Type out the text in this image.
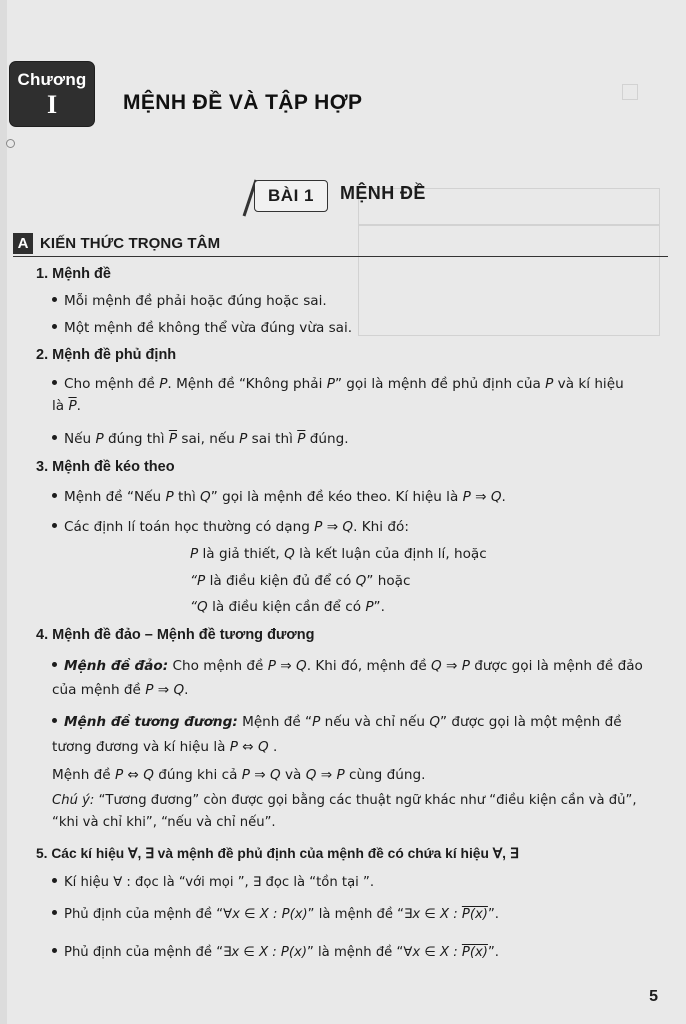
Chương
I	MỆNH ĐỀ VÀ TẬP HỢP
BÀI 1	MỆNH ĐỀ
A KIẾN THỨC TRỌNG TÂM
1. Mệnh đề
Mỗi mệnh đề phải hoặc đúng hoặc sai.
Một mệnh đề không thể vừa đúng vừa sai.
2. Mệnh đề phủ định
Cho mệnh đề P. Mệnh đề “Không phải P” gọi là mệnh đề phủ định của P và kí hiệu
là $\overline{P}$.
Nếu P đúng thì $\overline{P}$ sai, nếu P sai thì $\overline{P}$ đúng.
3. Mệnh đề kéo theo
Mệnh đề “Nếu P thì Q” gọi là mệnh đề kéo theo. Kí hiệu là P ⇒ Q.
Các định lí toán học thường có dạng P ⇒ Q. Khi đó:
P là giả thiết, Q là kết luận của định lí, hoặc
“P là điều kiện đủ để có Q” hoặc
“Q là điều kiện cần để có P”.
4. Mệnh đề đảo – Mệnh đề tương đương
Mệnh đề đảo: Cho mệnh đề P ⇒ Q. Khi đó, mệnh đề Q ⇒ P được gọi là mệnh đề đảo
của mệnh đề P ⇒ Q.
Mệnh đề tương đương: Mệnh đề “P nếu và chỉ nếu Q” được gọi là một mệnh đề
tương đương và kí hiệu là P ⇔ Q .
Mệnh đề P ⇔ Q đúng khi cả P ⇒ Q và Q ⇒ P cùng đúng.
Chú ý: “Tương đương” còn được gọi bằng các thuật ngữ khác như “điều kiện cần và đủ”,
“khi và chỉ khi”, “nếu và chỉ nếu”.
5. Các kí hiệu ∀, ∃ và mệnh đề phủ định của mệnh đề có chứa kí hiệu ∀, ∃
Kí hiệu ∀ : đọc là “với mọi ”, ∃ đọc là “tồn tại ”.
Phủ định của mệnh đề “∀x ∈ X : P(x)” là mệnh đề “∃x ∈ X : P(x)”.
Phủ định của mệnh đề “∃x ∈ X : P(x)” là mệnh đề “∀x ∈ X : P(x)”.
5
